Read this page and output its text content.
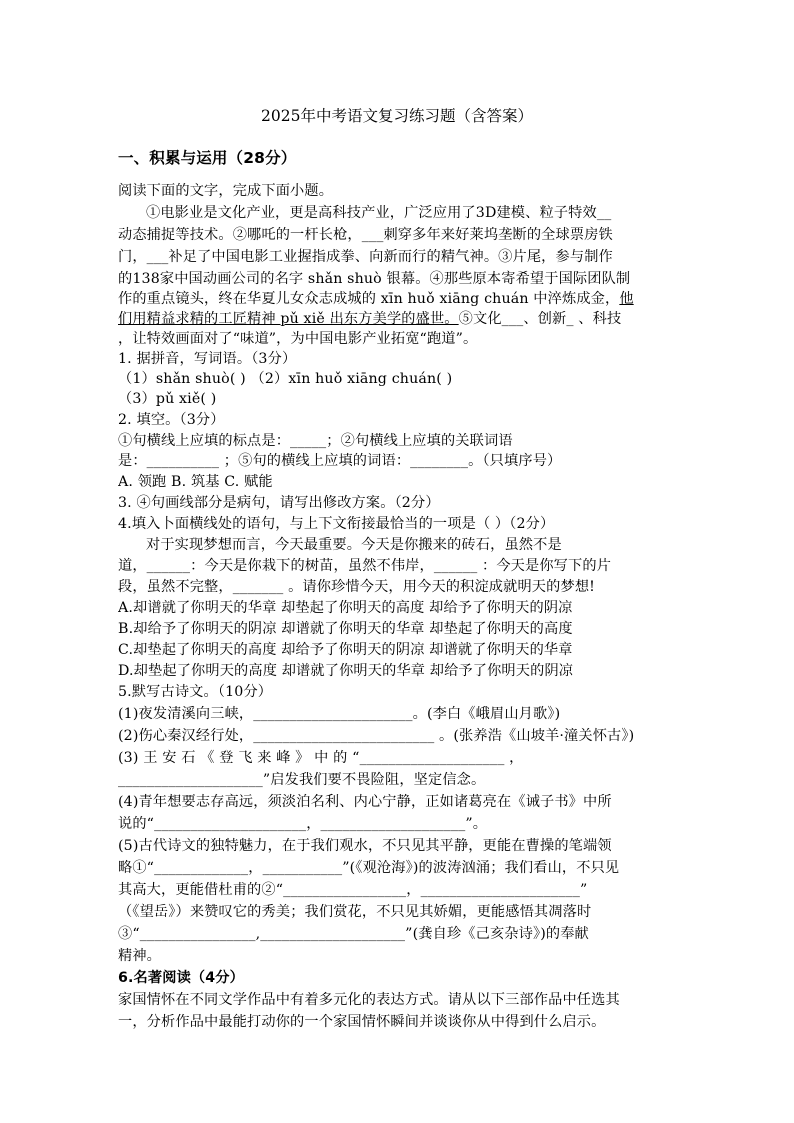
2025年中考语文复习练习题（含答案）
一、积累与运用（28分）
阅读下面的文字，完成下面小题。
①电影业是文化产业，更是高科技产业，广泛应用了3D建模、粒子特效__
动态捕捉等技术。②哪吒的一杆长枪，___刺穿多年来好莱坞垄断的全球票房铁
门，___补足了中国电影工业握指成拳、向新而行的精气神。③片尾，参与制作
的138家中国动画公司的名字 shǎn shuò 银幕。④那些原本寄希望于国际团队制
作的重点镜头，终在华夏儿女众志成城的 xīn huǒ xiāng chuán 中淬炼成金，他
们用精益求精的工匠精神 pǔ xiě 出东方美学的盛世。⑤文化___、创新_ 、科技
，让特效画面对了“味道”，为中国电影产业拓宽“跑道”。
1. 据拼音，写词语。（3分）
（1）shǎn shuò( ) （2）xīn huǒ xiāng chuán( )
（3）pǔ xiě( )
2. 填空。（3分）
①句横线上应填的标点是：_____；②句横线上应填的关联词语
是：__________ ；⑤句的横线上应填的词语：________。（只填序号）
A. 领跑 B. 筑基 C. 赋能
3. ④句画线部分是病句，请写出修改方案。（2分）
4.填入卜面横线处的语句，与上下文衔接最恰当的一项是（ ）（2分）
对于实现梦想而言，今天最重要。今天是你搬来的砖石，虽然不是
道，______：今天是你栽下的树苗，虽然不伟岸，______ ：今天是你写下的片
段，虽然不完整，_______ 。请你珍惜今天，用今天的积淀成就明天的梦想!
A.却谱就了你明天的华章 却垫起了你明天的高度 却给予了你明天的阴凉
B.却给予了你明天的阴凉 却谱就了你明天的华章 却垫起了你明天的高度
C.却垫起了你明天的高度 却给予了你明天的阴凉 却谱就了你明天的华章
D.却垫起了你明天的高度 却谱就了你明天的华章 却给予了你明天的阴凉
5.默写古诗文。（10分）
(1)夜发清溪向三峡，______________________。(李白《峨眉山月歌》)
(2)伤心秦汉经行处，_________________________ 。(张养浩《山坡羊·潼关怀古》)
(3) 王 安 石 《 登 飞 来 峰 》 中 的 “____________________ ，
____________________”启发我们要不畏险阻，坚定信念。
(4)青年想要志存高远，须淡泊名利、内心宁静，正如诸葛亮在《诫子书》中所
说的“_____________________，____________________”。
(5)古代诗文的独特魅力，在于我们观水，不只见其平静，更能在曹操的笔端领
略①“_____________，___________”(《观沧海》)的波涛汹涌；我们看山，不只见
其高大，更能借杜甫的②“_________________，______________________”
（《望岳》）来赞叹它的秀美；我们赏花，不只见其娇媚，更能感悟其凋落时
③“________________,____________________”(龚自珍《己亥杂诗》)的奉献
精神。
6.名著阅读（4分）
家国情怀在不同文学作品中有着多元化的表达方式。请从以下三部作品中任选其
一，分析作品中最能打动你的一个家国情怀瞬间并谈谈你从中得到什么启示。
